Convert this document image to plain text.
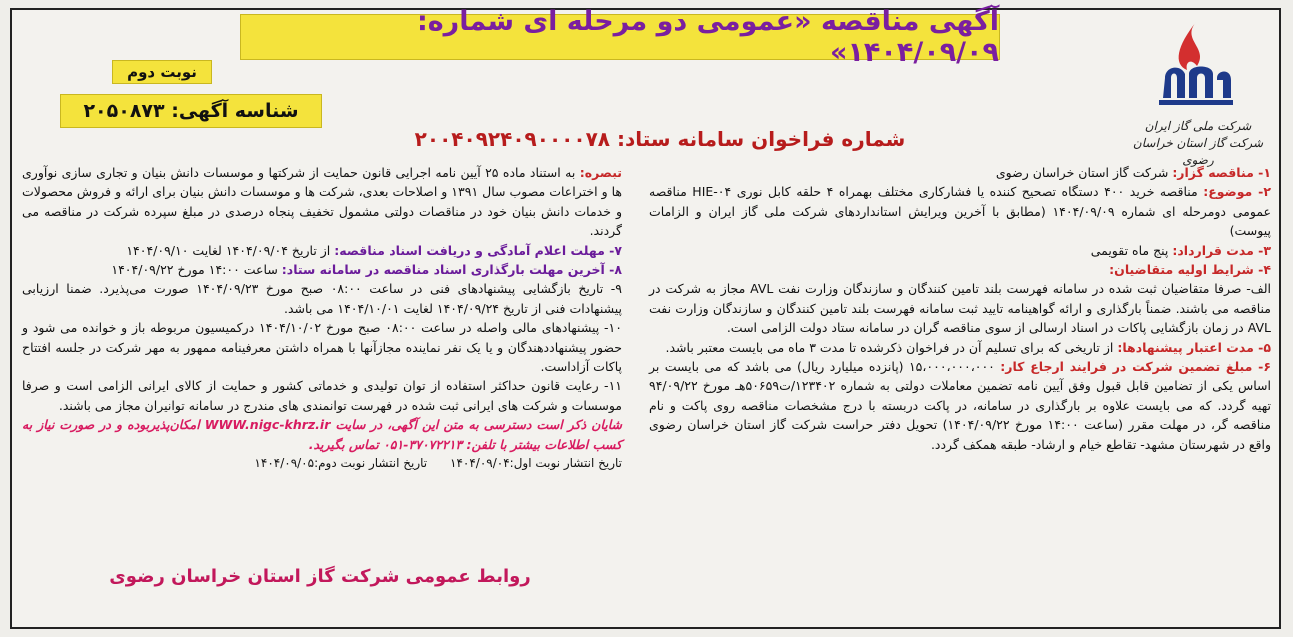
آگهی مناقصه «عمومی دو مرحله ای شماره: ۱۴۰۴/۰۹/۰۹»
شرکت ملی گاز ایران
شرکت گاز استان خراسان رضوی
نوبت دوم
شناسه آگهی: ۲۰۵۰۸۷۳
شماره فراخوان سامانه ستاد: ۲۰۰۴۰۹۲۴۰۹۰۰۰۰۷۸

۱- مناقصه گزار: شرکت گاز استان خراسان رضوی

۲- موضوع: مناقصه خرید ۴۰۰ دستگاه تصحیح کننده یا فشارکاری مختلف بهمراه ۴ حلقه کابل نوری HIE-۰۴ مناقصه عمومی دومرحله ای شماره ۱۴۰۴/۰۹/۰۹ (مطابق با آخرین ویرایش استانداردهای شرکت ملی گاز ایران و الزامات پیوست)

۳- مدت قرارداد: پنج ماه تقویمی

۴- شرایط اولیه متقاضیان:

الف- صرفا متقاضیان ثبت شده در سامانه فهرست بلند تامین کنندگان و سازندگان وزارت نفت AVL مجاز به شرکت در مناقصه می باشند. ضمناً بارگذاری و ارائه گواهینامه تایید ثبت سامانه فهرست بلند تامین کنندگان و سازندگان وزارت نفت AVL در زمان بازگشایی پاکات در اسناد ارسالی از سوی مناقصه گران در سامانه ستاد دولت الزامی است.

۵- مدت اعتبار پیشنهادها: از تاریخی که برای تسلیم آن در فراخوان ذکرشده تا مدت ۳ ماه می بایست معتبر باشد.

۶- مبلغ تضمین شرکت در فرایند ارجاع کار: ۱۵،۰۰۰،۰۰۰،۰۰۰ (پانزده میلیارد ریال) می باشد که می بایست بر اساس یکی از تضامین قابل قبول وفق آیین نامه تضمین معاملات دولتی به شماره ۱۲۳۴۰۲/ت۵۰۶۵۹هـ مورخ ۹۴/۰۹/۲۲ تهیه گردد. که می بایست علاوه بر بارگذاری در سامانه، در پاکت دربسته با درج مشخصات مناقصه روی پاکت و نام مناقصه گر، در مهلت مقرر (ساعت ۱۴:۰۰ مورخ ۱۴۰۴/۰۹/۲۲) تحویل دفتر حراست شرکت گاز استان خراسان رضوی واقع در شهرستان مشهد- تقاطع خیام و ارشاد- طبقه همکف گردد.

تبصره: به استناد ماده ۲۵ آیین نامه اجرایی قانون حمایت از شرکتها و موسسات دانش بنیان و تجاری سازی نوآوری ها و اختراعات مصوب سال ۱۳۹۱ و اصلاحات بعدی، شرکت ها و موسسات دانش بنیان برای ارائه و فروش محصولات و خدمات دانش بنیان خود در مناقصات دولتی مشمول تخفیف پنجاه درصدی در مبلغ سپرده شرکت در مناقصه می گردند.

۷- مهلت اعلام آمادگی و دریافت اسناد مناقصه: از تاریخ ۱۴۰۴/۰۹/۰۴ لغایت ۱۴۰۴/۰۹/۱۰

۸- آخرین مهلت بارگذاری اسناد مناقصه در سامانه ستاد: ساعت ۱۴:۰۰ مورخ ۱۴۰۴/۰۹/۲۲

۹- تاریخ بازگشایی پیشنهادهای فنی در ساعت ۰۸:۰۰ صبح مورخ ۱۴۰۴/۰۹/۲۳ صورت می‌پذیرد. ضمنا ارزیابی پیشنهادات فنی از تاریخ ۱۴۰۴/۰۹/۲۴ لغایت ۱۴۰۴/۱۰/۰۱ می باشد.

۱۰- پیشنهادهای مالی واصله در ساعت ۰۸:۰۰ صبح مورخ ۱۴۰۴/۱۰/۰۲ درکمیسیون مربوطه باز و خوانده می شود و حضور پیشنهاددهندگان و یا یک نفر نماینده مجازآنها با همراه داشتن معرفینامه ممهور به مهر شرکت در جلسه افتتاح پاکات آزاداست.

۱۱- رعایت قانون حداکثر استفاده از توان تولیدی و خدماتی کشور و حمایت از کالای ایرانی الزامی است و صرفا موسسات و شرکت های ایرانی ثبت شده در فهرست توانمندی های مندرج در سامانه توانیران مجاز می باشند.

شایان ذکر است دسترسی به متن این آگهی، در سایت WWW.nigc-khrz.ir امکان‌پذیربوده و در صورت نیاز به کسب اطلاعات بیشتر با تلفن: ۳۷۰۷۲۲۱۳-۰۵۱ تماس بگیرید.

تاریخ انتشار نوبت اول:۱۴۰۴/۰۹/۰۴      تاریخ انتشار نوبت دوم:۱۴۰۴/۰۹/۰۵

روابط عمومی شرکت گاز استان خراسان رضوی
